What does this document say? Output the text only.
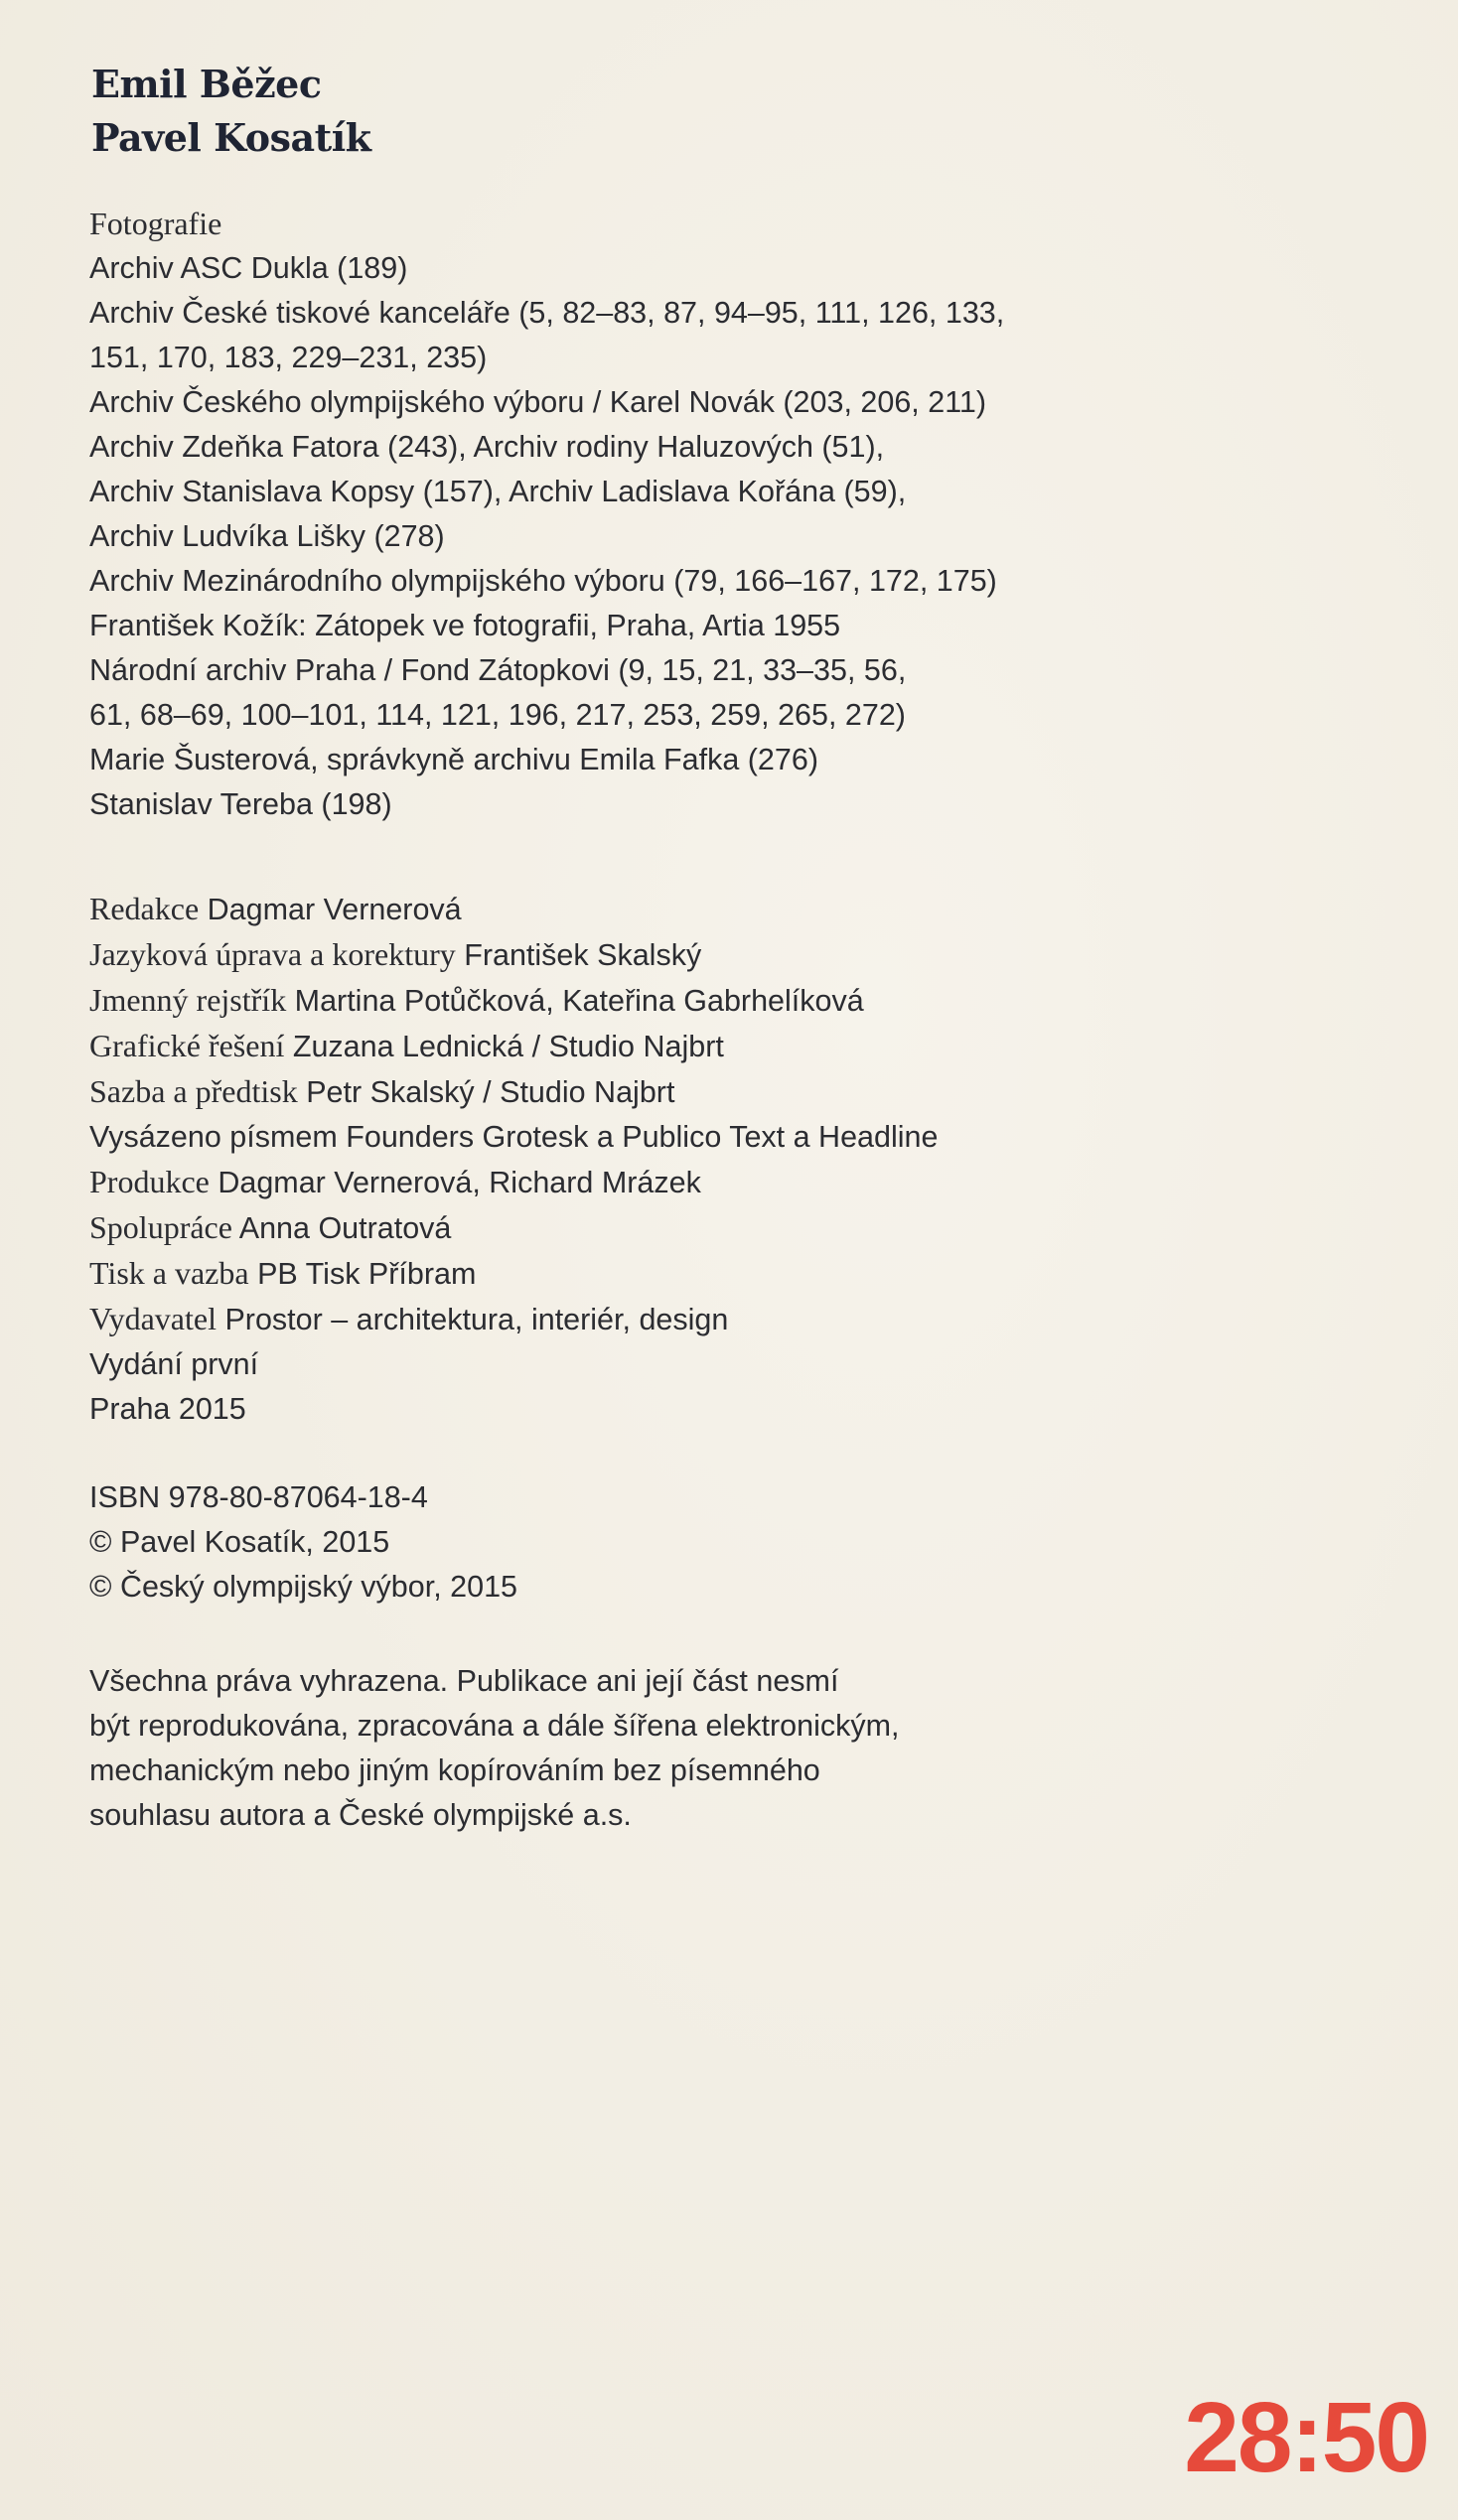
Emil Běžec
Pavel Kosatík
Fotografie
Archiv ASC Dukla (189)
Archiv České tiskové kanceláře (5, 82–83, 87, 94–95, 111, 126, 133,
151, 170, 183, 229–231, 235)
Archiv Českého olympijského výboru / Karel Novák (203, 206, 211)
Archiv Zdeňka Fatora (243), Archiv rodiny Haluzových (51),
Archiv Stanislava Kopsy (157), Archiv Ladislava Kořána (59),
Archiv Ludvíka Lišky (278)
Archiv Mezinárodního olympijského výboru (79, 166–167, 172, 175)
František Kožík: Zátopek ve fotografii, Praha, Artia 1955
Národní archiv Praha / Fond Zátopkovi (9, 15, 21, 33–35, 56,
61, 68–69, 100–101, 114, 121, 196, 217, 253, 259, 265, 272)
Marie Šusterová, správkyně archivu Emila Fafka (276)
Stanislav Tereba (198)
Redakce Dagmar Vernerová
Jazyková úprava a korektury František Skalský
Jmenný rejstřík Martina Potůčková, Kateřina Gabrhelíková
Grafické řešení Zuzana Lednická / Studio Najbrt
Sazba a předtisk Petr Skalský / Studio Najbrt
Vysázeno písmem Founders Grotesk a Publico Text a Headline
Produkce Dagmar Vernerová, Richard Mrázek
Spolupráce Anna Outratová
Tisk a vazba PB Tisk Příbram
Vydavatel Prostor – architektura, interiér, design
Vydání první
Praha 2015
ISBN 978-80-87064-18-4
© Pavel Kosatík, 2015
© Český olympijský výbor, 2015
Všechna práva vyhrazena. Publikace ani její část nesmí
být reprodukována, zpracována a dále šířena elektronickým,
mechanickým nebo jiným kopírováním bez písemného
souhlasu autora a České olympijské a.s.
28:50
